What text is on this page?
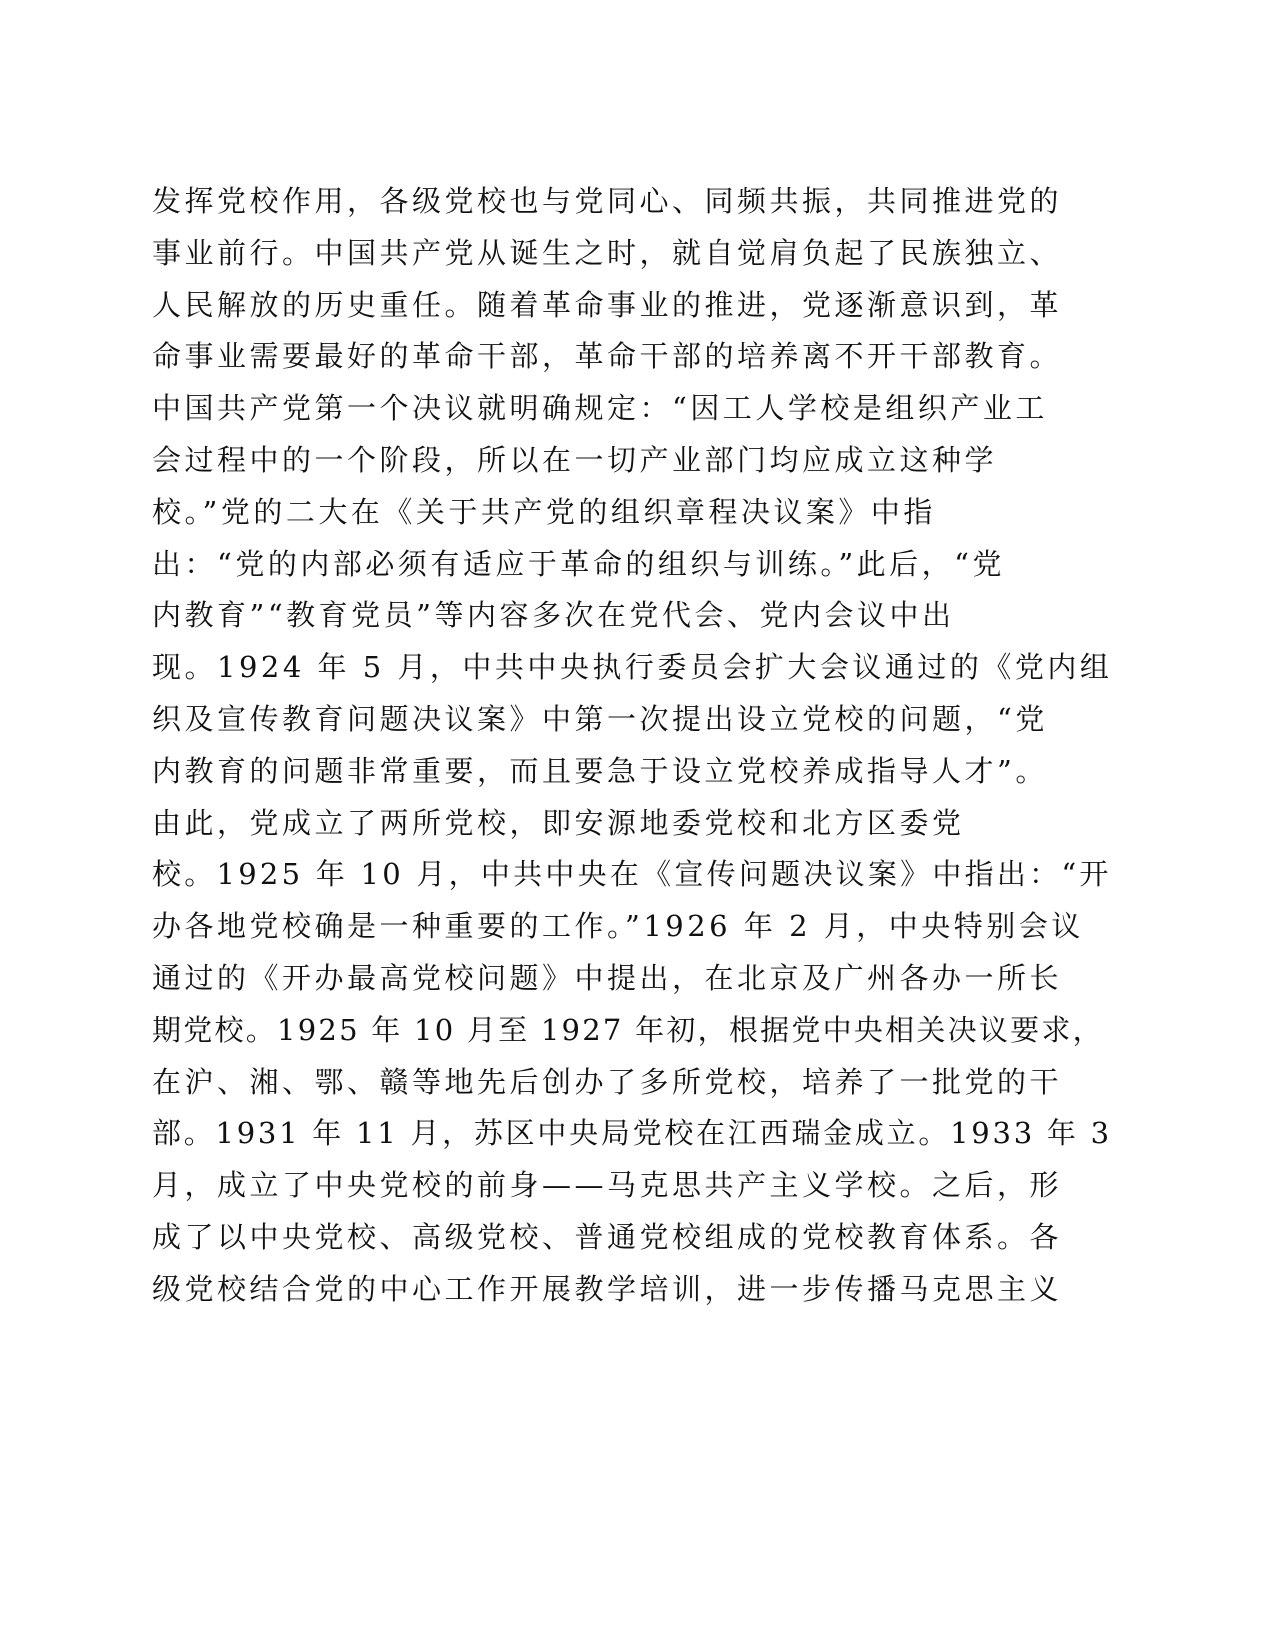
发挥党校作用，各级党校也与党同心、同频共振，共同推进党的
事业前行。中国共产党从诞生之时，就自觉肩负起了民族独立、
人民解放的历史重任。随着革命事业的推进，党逐渐意识到，革
命事业需要最好的革命干部，革命干部的培养离不开干部教育。
中国共产党第一个决议就明确规定：“因工人学校是组织产业工
会过程中的一个阶段，所以在一切产业部门均应成立这种学
校。”党的二大在《关于共产党的组织章程决议案》中指
出：“党的内部必须有适应于革命的组织与训练。”此后，“党
内教育”“教育党员”等内容多次在党代会、党内会议中出
现。1924 年 5 月，中共中央执行委员会扩大会议通过的《党内组
织及宣传教育问题决议案》中第一次提出设立党校的问题，“党
内教育的问题非常重要，而且要急于设立党校养成指导人才”。
由此，党成立了两所党校，即安源地委党校和北方区委党
校。1925 年 10 月，中共中央在《宣传问题决议案》中指出：“开
办各地党校确是一种重要的工作。”1926 年 2 月，中央特别会议
通过的《开办最高党校问题》中提出，在北京及广州各办一所长
期党校。1925 年 10 月至 1927 年初，根据党中央相关决议要求，
在沪、湘、鄂、赣等地先后创办了多所党校，培养了一批党的干
部。1931 年 11 月，苏区中央局党校在江西瑞金成立。1933 年 3
月，成立了中央党校的前身——马克思共产主义学校。之后，形
成了以中央党校、高级党校、普通党校组成的党校教育体系。各
级党校结合党的中心工作开展教学培训，进一步传播马克思主义
